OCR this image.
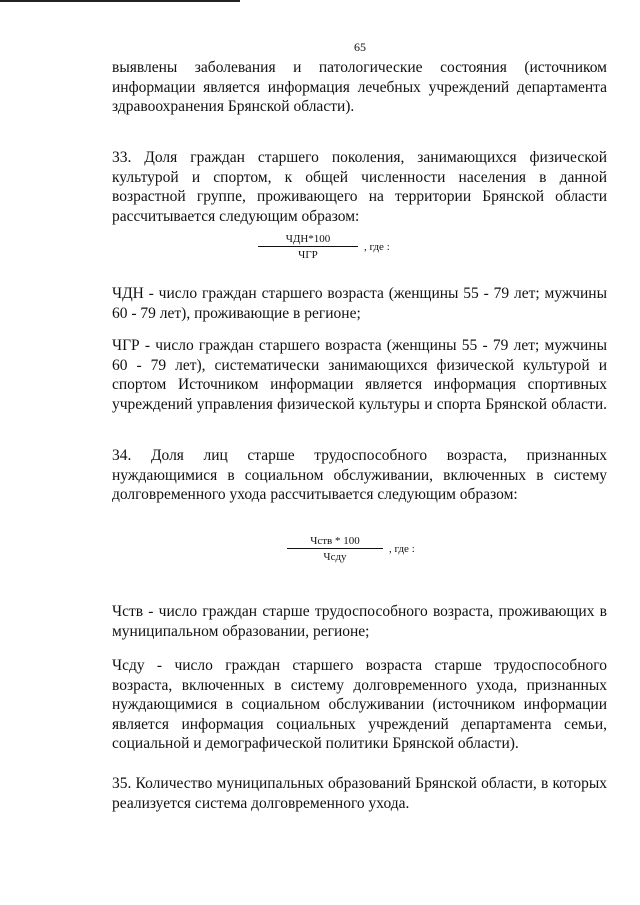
65

выявлены заболевания и патологические состояния (источником информации является информация лечебных учреждений департамента здравоохранения Брянской области).

33. Доля граждан старшего поколения, занимающихся физической культурой и спортом, к общей численности населения в данной возрастной группе, проживающего на территории Брянской области рассчитывается следующим образом:

$\frac{\text{ЧДН*100}}{\text{ЧГР}}$ , где :

ЧДН - число граждан старшего возраста (женщины 55 - 79 лет; мужчины 60 - 79 лет), проживающие в регионе;

ЧГР - число граждан старшего возраста (женщины 55 - 79 лет; мужчины 60 - 79 лет), систематически занимающихся физической культурой и спортом Источником информации является информация спортивных учреждений управления физической культуры и спорта Брянской области.

34. Доля лиц старше трудоспособного возраста, признанных нуждающимися в социальном обслуживании, включенных в систему долговременного ухода рассчитывается следующим образом:

$\frac{\text{Чств * 100}}{\text{Чсду}}$ , где :

Чств - число граждан старше трудоспособного возраста, проживающих в муниципальном образовании, регионе;

Чсду - число граждан старшего возраста старше трудоспособного возраста, включенных в систему долговременного ухода, признанных нуждающимися в социальном обслуживании (источником информации является информация социальных учреждений департамента семьи, социальной и демографической политики Брянской области).

35. Количество муниципальных образований Брянской области, в которых реализуется система долговременного ухода.
